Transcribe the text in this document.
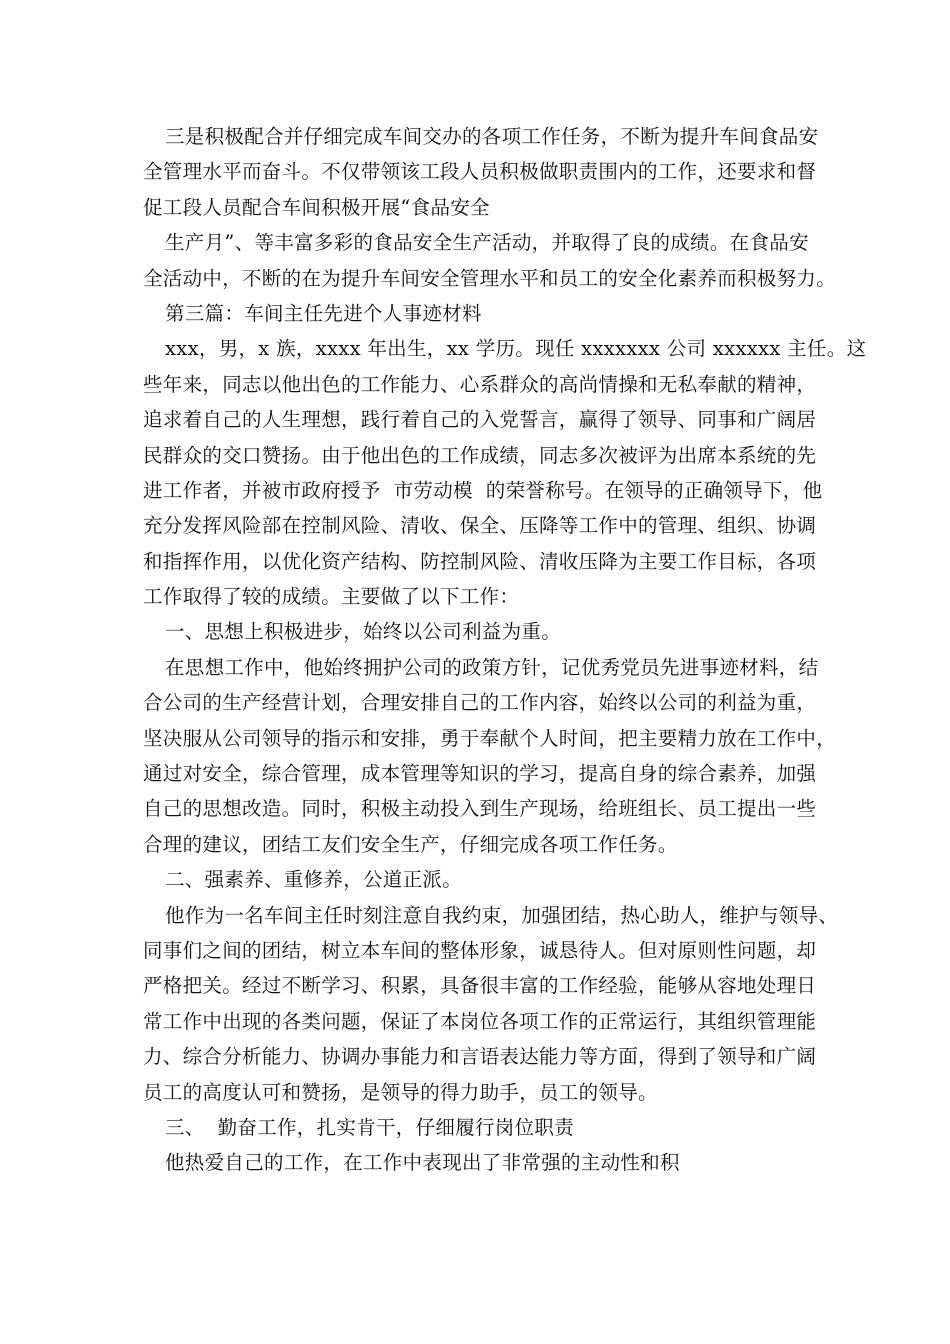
三是积极配合并仔细完成车间交办的各项工作任务，不断为提升车间食品安
全管理水平而奋斗。不仅带领该工段人员积极做职责围内的工作，还要求和督
促工段人员配合车间积极开展“食品安全
生产月”、等丰富多彩的食品安全生产活动，并取得了良的成绩。在食品安
全活动中，不断的在为提升车间安全管理水平和员工的安全化素养而积极努力。
第三篇：车间主任先进个人事迹材料
xxx，男，x 族，xxxx 年出生，xx 学历。现任 xxxxxxx 公司 xxxxxx 主任。这
些年来，同志以他出色的工作能力、心系群众的高尚情操和无私奉献的精神，
追求着自己的人生理想，践行着自己的入党誓言，赢得了领导、同事和广阔居
民群众的交口赞扬。由于他出色的工作成绩，同志多次被评为出席本系统的先
进工作者，并被市政府授予  市劳动模  的荣誉称号。在领导的正确领导下，他
充分发挥风险部在控制风险、清收、保全、压降等工作中的管理、组织、协调
和指挥作用，以优化资产结构、防控制风险、清收压降为主要工作目标，各项
工作取得了较的成绩。主要做了以下工作：
一、思想上积极进步，始终以公司利益为重。
在思想工作中，他始终拥护公司的政策方针，记优秀党员先进事迹材料，结
合公司的生产经营计划，合理安排自己的工作内容，始终以公司的利益为重，
坚决服从公司领导的指示和安排，勇于奉献个人时间，把主要精力放在工作中，
通过对安全，综合管理，成本管理等知识的学习，提高自身的综合素养，加强
自己的思想改造。同时，积极主动投入到生产现场，给班组长、员工提出一些
合理的建议，团结工友们安全生产，仔细完成各项工作任务。
二、强素养、重修养，公道正派。
他作为一名车间主任时刻注意自我约束，加强团结，热心助人，维护与领导、
同事们之间的团结，树立本车间的整体形象，诚恳待人。但对原则性问题，却
严格把关。经过不断学习、积累，具备很丰富的工作经验，能够从容地处理日
常工作中出现的各类问题，保证了本岗位各项工作的正常运行，其组织管理能
力、综合分析能力、协调办事能力和言语表达能力等方面，得到了领导和广阔
员工的高度认可和赞扬，是领导的得力助手，员工的领导。
三、  勤奋工作，扎实肯干，仔细履行岗位职责
他热爱自己的工作，在工作中表现出了非常强的主动性和积
